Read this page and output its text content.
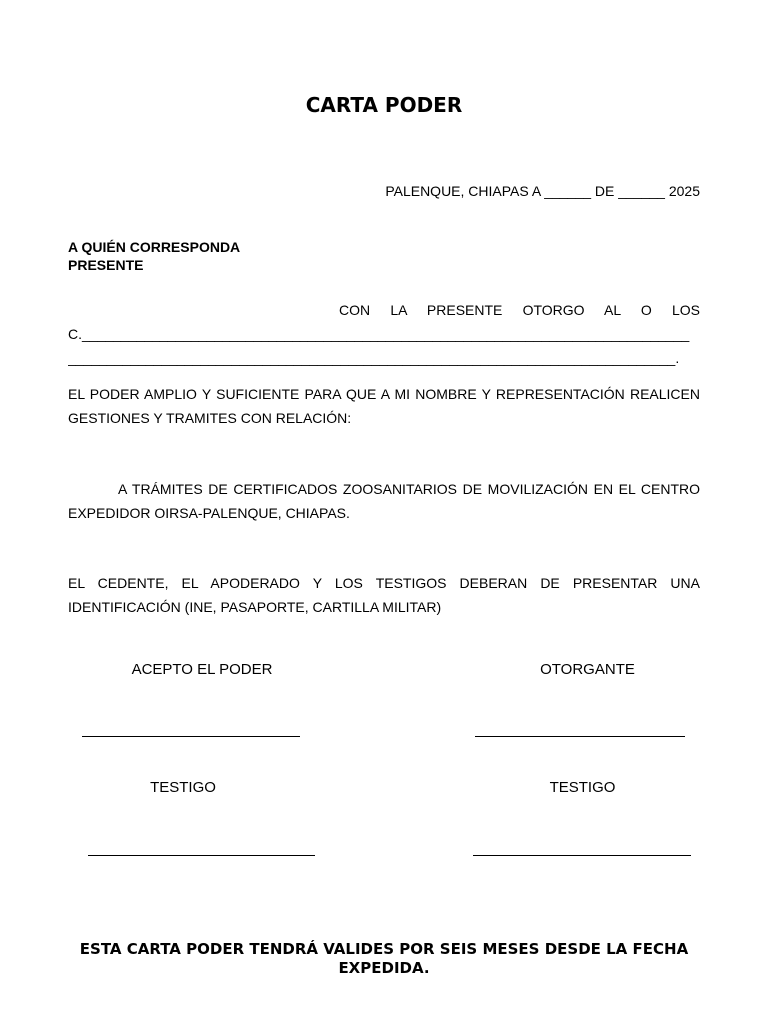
CARTA PODER
PALENQUE, CHIAPAS A ______ DE ______ 2025
A QUIÉN CORRESPONDA
PRESENTE
CON LA PRESENTE OTORGO AL O LOS
C.______________________________________________________________________________
______________________________________________________________________________.
EL PODER AMPLIO Y SUFICIENTE PARA QUE A MI NOMBRE Y REPRESENTACIÓN REALICEN GESTIONES Y TRAMITES CON RELACIÓN:
A TRÁMITES DE CERTIFICADOS ZOOSANITARIOS DE MOVILIZACIÓN EN EL CENTRO EXPEDIDOR OIRSA-PALENQUE, CHIAPAS.
EL CEDENTE, EL APODERADO Y LOS TESTIGOS DEBERAN DE PRESENTAR UNA IDENTIFICACIÓN (INE, PASAPORTE, CARTILLA MILITAR)
ACEPTO EL PODER	OTORGANTE
TESTIGO	TESTIGO
ESTA CARTA PODER TENDRÁ VALIDES POR SEIS MESES DESDE LA FECHA EXPEDIDA.
